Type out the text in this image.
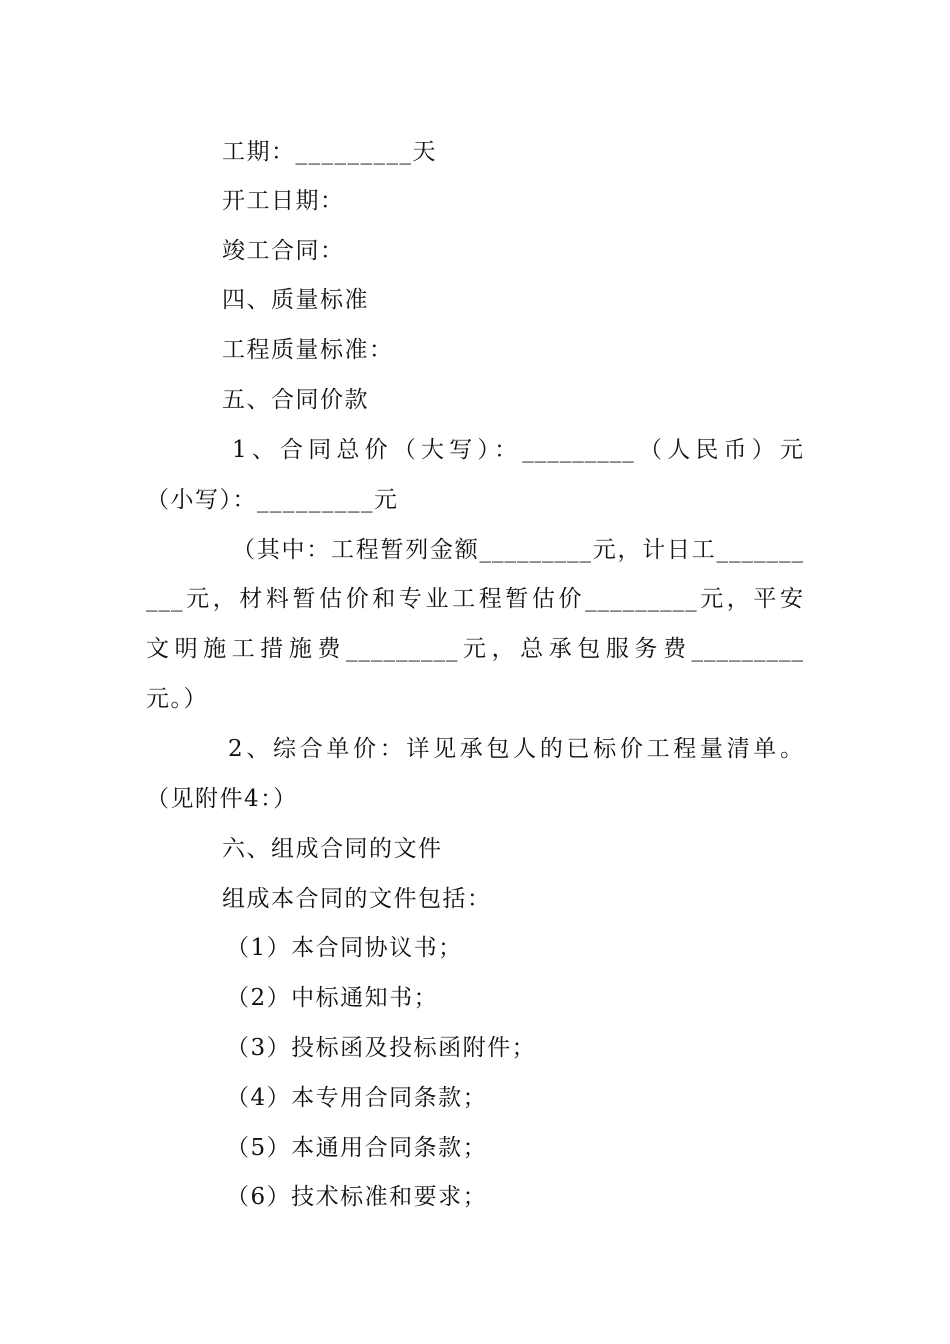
工期：_________天
开工日期：
竣工合同：
四、质量标准
工程质量标准：
五、合同价款
1、合同总价（大写）：_________（人民币）元
（小写）：_________元
（其中：工程暂列金额_________元，计日工_______
___元，材料暂估价和专业工程暂估价_________元，平安
文明施工措施费_________元，总承包服务费_________
元。）
2、综合单价：详见承包人的已标价工程量清单。
（见附件4：）
六、组成合同的文件
组成本合同的文件包括：
（1）本合同协议书；
（2）中标通知书；
（3）投标函及投标函附件；
（4）本专用合同条款；
（5）本通用合同条款；
（6）技术标准和要求；
